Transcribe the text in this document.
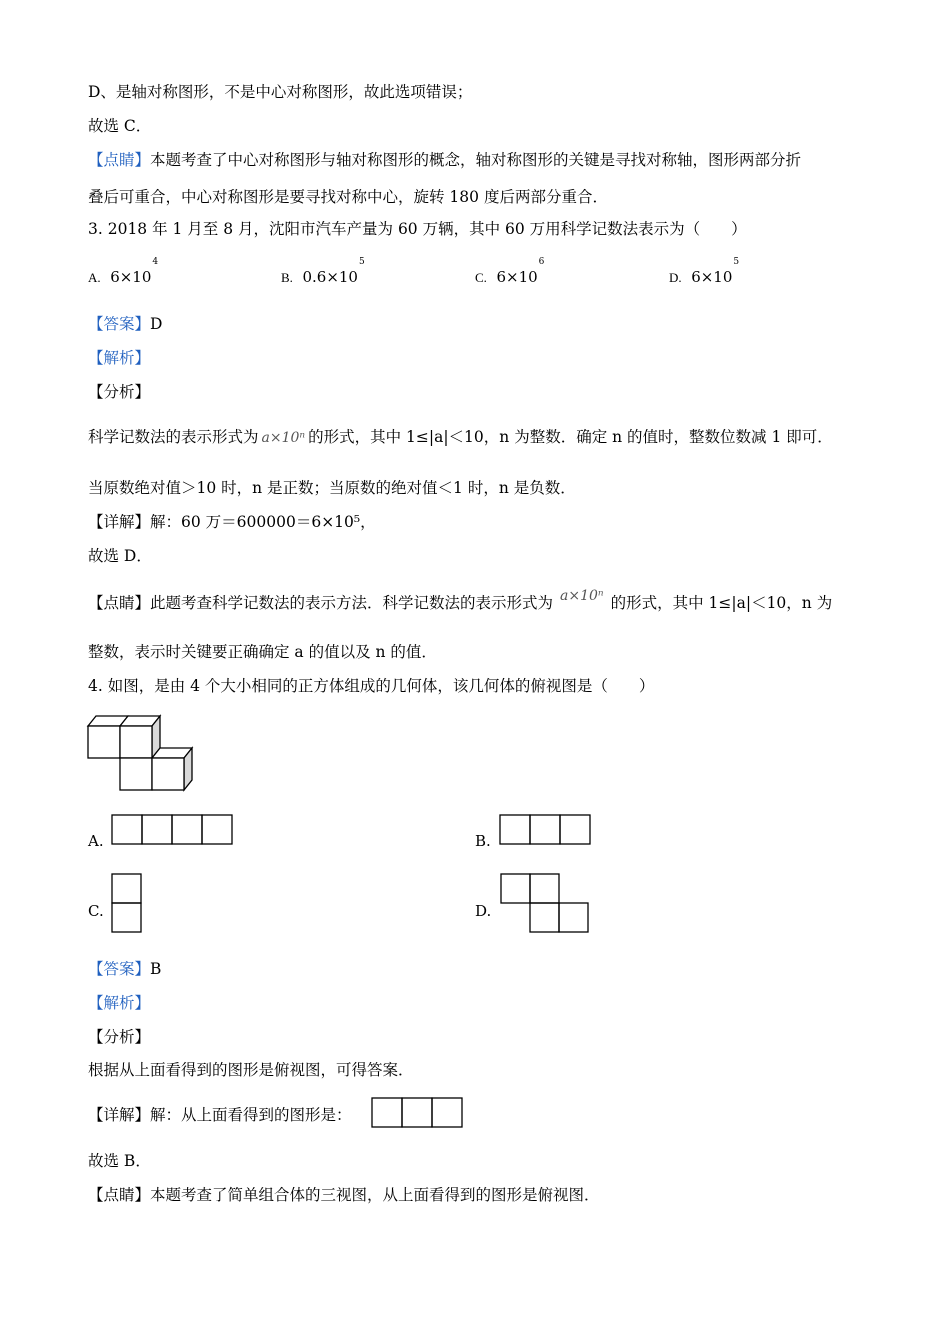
D、是轴对称图形，不是中心对称图形，故此选项错误；
故选 C．
【点睛】本题考查了中心对称图形与轴对称图形的概念，轴对称图形的关键是寻找对称轴，图形两部分折
叠后可重合，中心对称图形是要寻找对称中心，旋转 180 度后两部分重合．
3. 2018 年 1 月至 8 月，沈阳市汽车产量为 60 万辆，其中 60 万用科学记数法表示为（　　）
A. $6\times 10^4$
B. $0.6\times 10^5$
C. $6\times 10^6$
D. $6\times 10^5$
【答案】D
【解析】
【分析】
科学记数法的表示形式为 a×10ⁿ 的形式，其中 1≤|a|＜10，n 为整数．确定 n 的值时，整数位数减 1 即可．
当原数绝对值＞10 时，n 是正数；当原数的绝对值＜1 时，n 是负数．
【详解】解：60 万＝600000＝6×10⁵，
故选 D．
【点睛】此题考查科学记数法的表示方法．科学记数法的表示形式为 a×10ⁿ 的形式，其中 1≤|a|＜10，n 为
整数，表示时关键要正确确定 a 的值以及 n 的值．
4. 如图，是由 4 个大小相同的正方体组成的几何体，该几何体的俯视图是（　　）
A.	B.
C.	D.
【答案】B
【解析】
【分析】
根据从上面看得到的图形是俯视图，可得答案．
【详解】解：从上面看得到的图形是：
故选 B．
【点睛】本题考查了简单组合体的三视图，从上面看得到的图形是俯视图．
